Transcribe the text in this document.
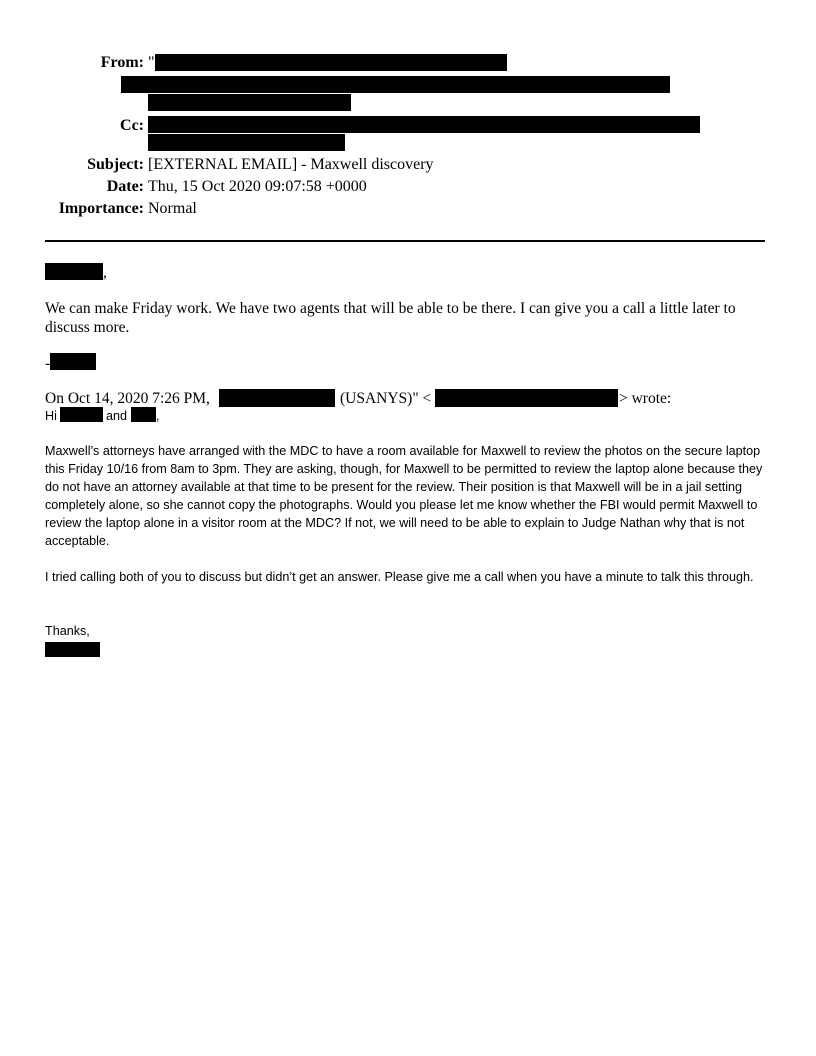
From: "
Cc:
Subject: [EXTERNAL EMAIL] - Maxwell discovery
Date: Thu, 15 Oct 2020 09:07:58 +0000
Importance: Normal
,
We can make Friday work. We have two agents that will be able to be there. I can give you a call a little later to discuss more.
-
On Oct 14, 2020 7:26 PM,	(USANYS)" <	> wrote:
Hi	and ,
Maxwell’s attorneys have arranged with the MDC to have a room available for Maxwell to review the photos on the secure laptop this Friday 10/16 from 8am to 3pm. They are asking, though, for Maxwell to be permitted to review the laptop alone because they do not have an attorney available at that time to be present for the review. Their position is that Maxwell will be in a jail setting completely alone, so she cannot copy the photographs. Would you please let me know whether the FBI would permit Maxwell to review the laptop alone in a visitor room at the MDC? If not, we will need to be able to explain to Judge Nathan why that is not acceptable.
I tried calling both of you to discuss but didn’t get an answer. Please give me a call when you have a minute to talk this through.
Thanks,
